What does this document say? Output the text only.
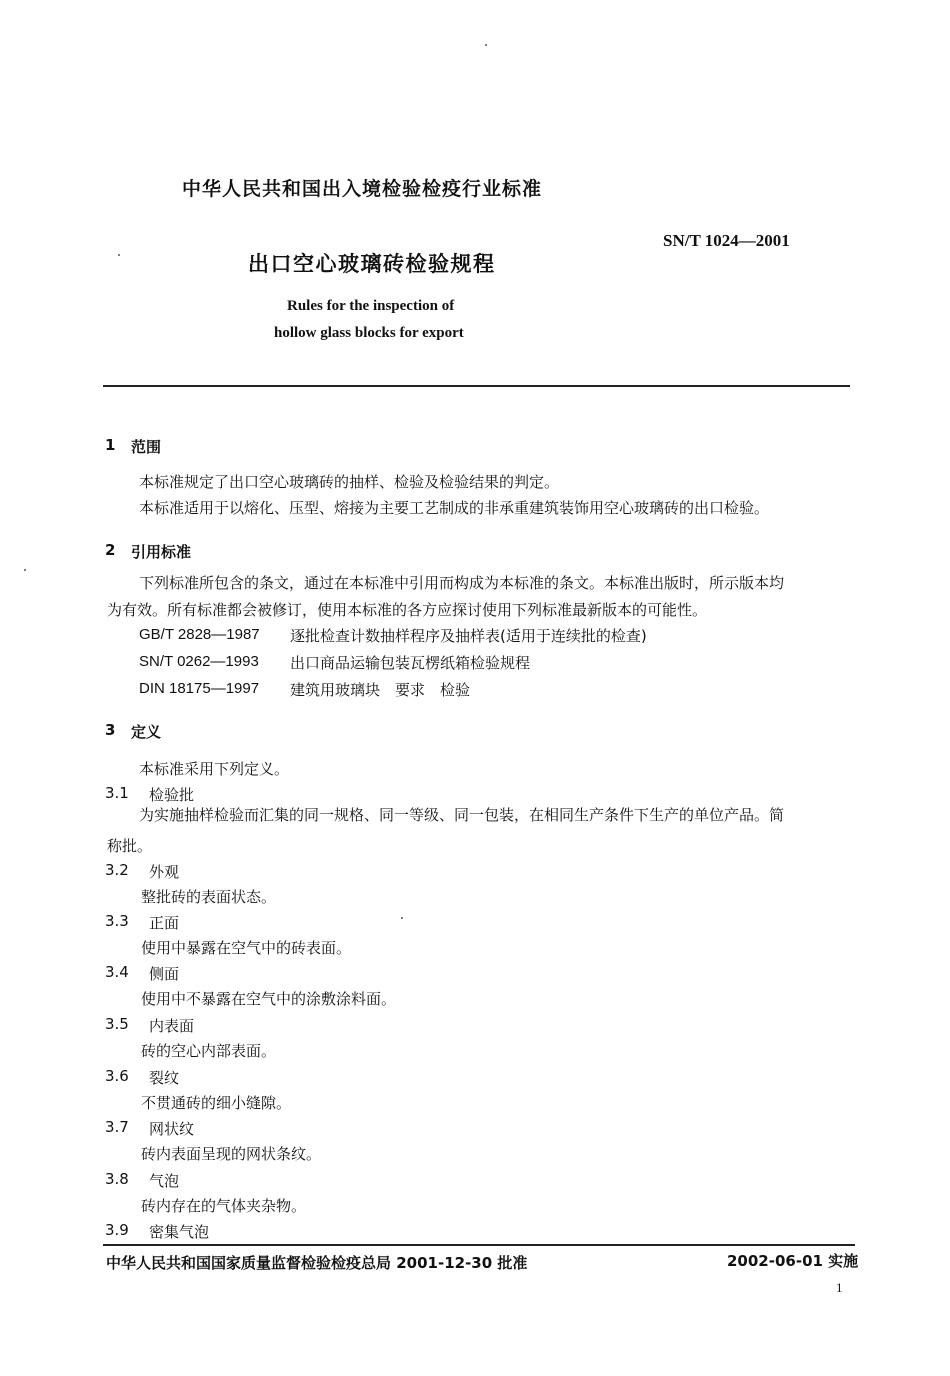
中华人民共和国出入境检验检疫行业标准
SN/T 1024—2001
出口空心玻璃砖检验规程
Rules for the inspection of
hollow glass blocks for export
1 范围
本标准规定了出口空心玻璃砖的抽样、检验及检验结果的判定。
本标准适用于以熔化、压型、熔接为主要工艺制成的非承重建筑装饰用空心玻璃砖的出口检验。
2 引用标准
下列标准所包含的条文，通过在本标准中引用而构成为本标准的条文。本标准出版时，所示版本均
为有效。所有标准都会被修订，使用本标准的各方应探讨使用下列标准最新版本的可能性。
GB/T 2828—1987 逐批检查计数抽样程序及抽样表(适用于连续批的检查)
SN/T 0262—1993 出口商品运输包装瓦楞纸箱检验规程
DIN 18175—1997 建筑用玻璃块　要求　检验
3 定义
本标准采用下列定义。
3.1 检验批
为实施抽样检验而汇集的同一规格、同一等级、同一包装，在相同生产条件下生产的单位产品。简
称批。
3.2 外观
整批砖的表面状态。
3.3 正面
使用中暴露在空气中的砖表面。
3.4 侧面
使用中不暴露在空气中的涂敷涂料面。
3.5 内表面
砖的空心内部表面。
3.6 裂纹
不贯通砖的细小缝隙。
3.7 网状纹
砖内表面呈现的网状条纹。
3.8 气泡
砖内存在的气体夹杂物。
3.9 密集气泡
中华人民共和国国家质量监督检验检疫总局 2001-12-30 批准	2002-06-01 实施
1
